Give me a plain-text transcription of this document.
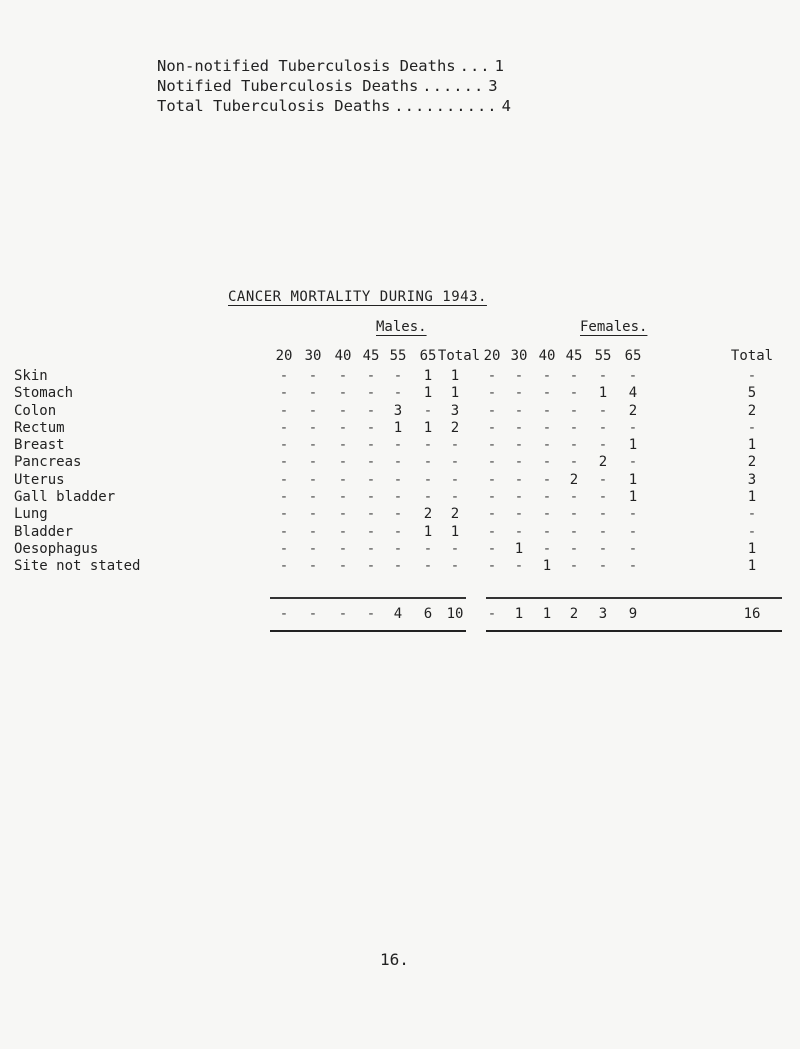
Non-notified Tuberculosis Deaths ... 1
Notified Tuberculosis Deaths ...... 3
Total Tuberculosis Deaths .......... 4
CANCER MORTALITY DURING 1943.
Males.	Females.
20 30 40 45 55 65 Total 20 30 40 45 55 65	Total
Skin	- - - - - 1 1 - - - - - -	-
Stomach	- - - - - 1 1 - - - - 1 4	5
Colon	- - - - 3 - 3 - - - - - 2	2
Rectum	- - - - 1 1 2 - - - - - -	-
Breast	- - - - - - - - - - - - 1	1
Pancreas	- - - - - - - - - - - 2 -	2
Uterus	- - - - - - - - - - 2 - 1	3
Gall bladder	- - - - - - - - - - - - 1	1
Lung	- - - - - 2 2 - - - - - -	-
Bladder	- - - - - 1 1 - - - - - -	-
Oesophagus	- - - - - - - - 1 - - - -	1
Site not stated	- - - - - - - - - 1 - - -	1
- - - - 4 6 10 - 1 1 2 3 9	16
16.
